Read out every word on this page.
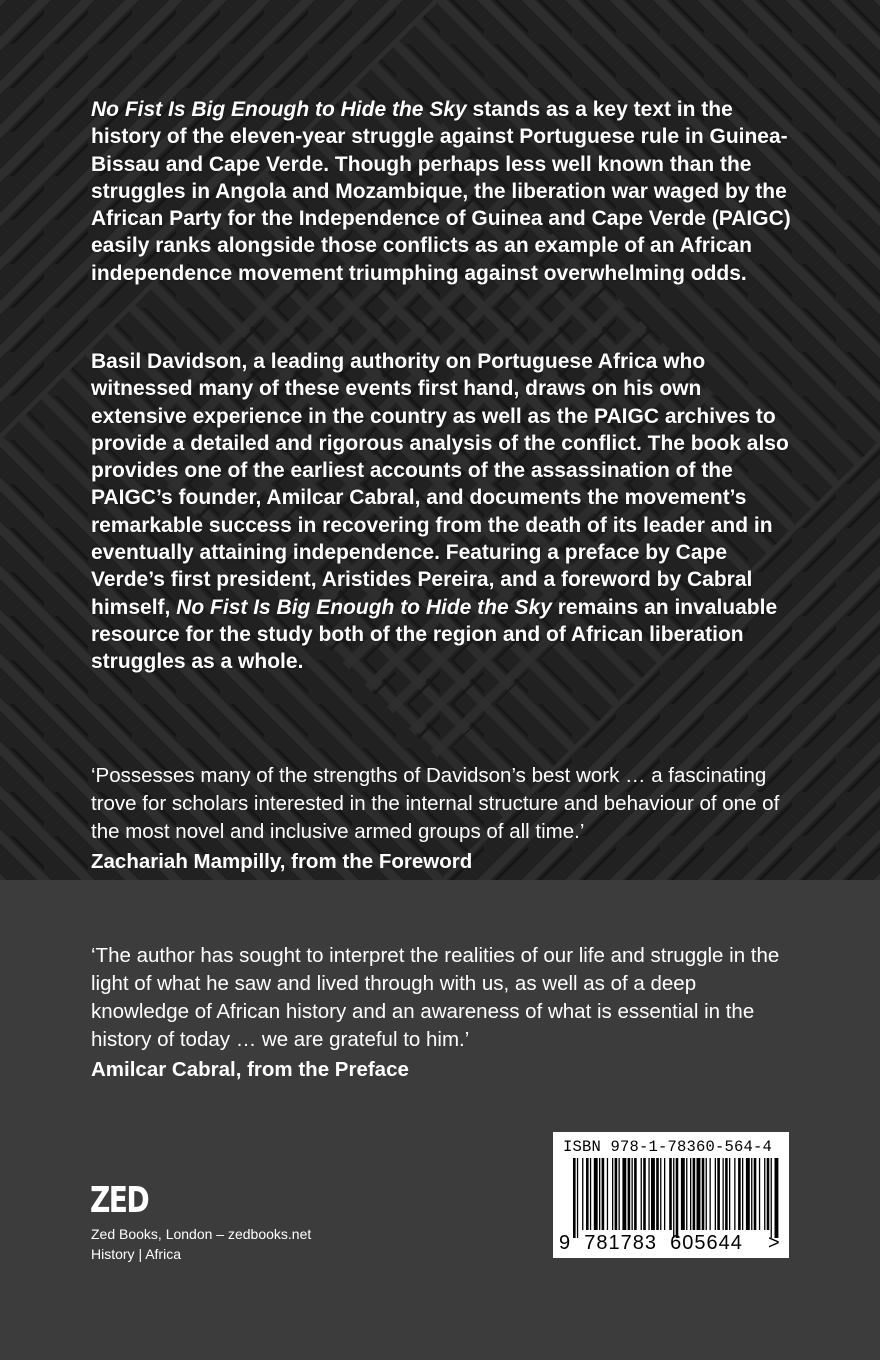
No Fist Is Big Enough to Hide the Sky stands as a key text in the history of the eleven-year struggle against Portuguese rule in Guinea-Bissau and Cape Verde. Though perhaps less well known than the struggles in Angola and Mozambique, the liberation war waged by the African Party for the Independence of Guinea and Cape Verde (PAIGC) easily ranks alongside those conflicts as an example of an African independence movement triumphing against overwhelming odds.

Basil Davidson, a leading authority on Portuguese Africa who witnessed many of these events first hand, draws on his own extensive experience in the country as well as the PAIGC archives to provide a detailed and rigorous analysis of the conflict. The book also provides one of the earliest accounts of the assassination of the PAIGC’s founder, Amilcar Cabral, and documents the movement’s remarkable success in recovering from the death of its leader and in eventually attaining independence. Featuring a preface by Cape Verde’s first president, Aristides Pereira, and a foreword by Cabral himself, No Fist Is Big Enough to Hide the Sky remains an invaluable resource for the study both of the region and of African liberation struggles as a whole.

‘Possesses many of the strengths of Davidson’s best work … a fascinating trove for scholars interested in the internal structure and behaviour of one of the most novel and inclusive armed groups of all time.’

Zachariah Mampilly, from the Foreword

‘The author has sought to interpret the realities of our life and struggle in the light of what he saw and lived through with us, as well as of a deep knowledge of African history and an awareness of what is essential in the history of today … we are grateful to him.’

Amilcar Cabral, from the Preface

ZED
Zed Books, London – zedbooks.net
History | Africa
ISBN 978-1-78360-564-4
9 781783 605644 >
